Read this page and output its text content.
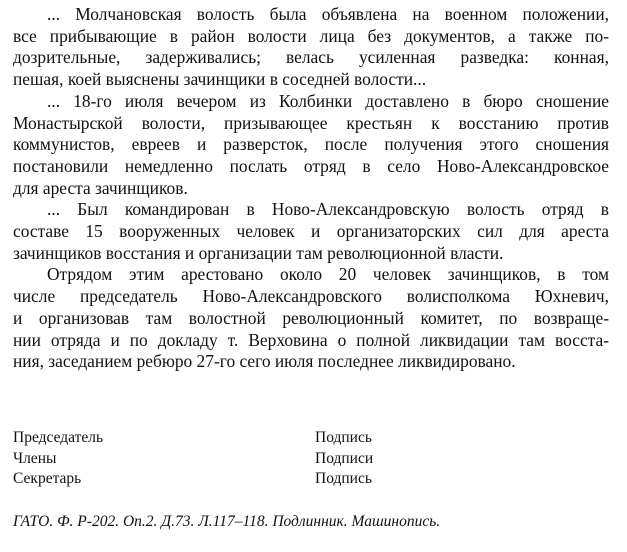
... Молчановская волость была объявлена на военном положении,
все прибывающие в район волости лица без документов, а также по-
дозрительные, задерживались; велась усиленная разведка: конная,
пешая, коей выяснены зачинщики в соседней волости...
... 18-го июля вечером из Колбинки доставлено в бюро сношение
Монастырской волости, призывающее крестьян к восстанию против
коммунистов, евреев и разверсток, после получения этого сношения
постановили немедленно послать отряд в село Ново-Александровское
для ареста зачинщиков.
... Был командирован в Ново-Александровскую волость отряд в
составе 15 вооруженных человек и организаторских сил для ареста
зачинщиков восстания и организации там революционной власти.
Отрядом этим арестовано около 20 человек зачинщиков, в том
числе председатель Ново-Александровского волисполкома Юхневич,
и организовав там волостной революционный комитет, по возвраще-
нии отряда и по докладу т. Верховина о полной ликвидации там восста-
ния, заседанием ребюро 27-го сего июля последнее ликвидировано.
Председатель	Подпись
Члены	Подписи
Секретарь	Подпись
ГАТО. Ф. Р-202. Оп.2. Д.73. Л.117–118. Подлинник. Машинопись.
